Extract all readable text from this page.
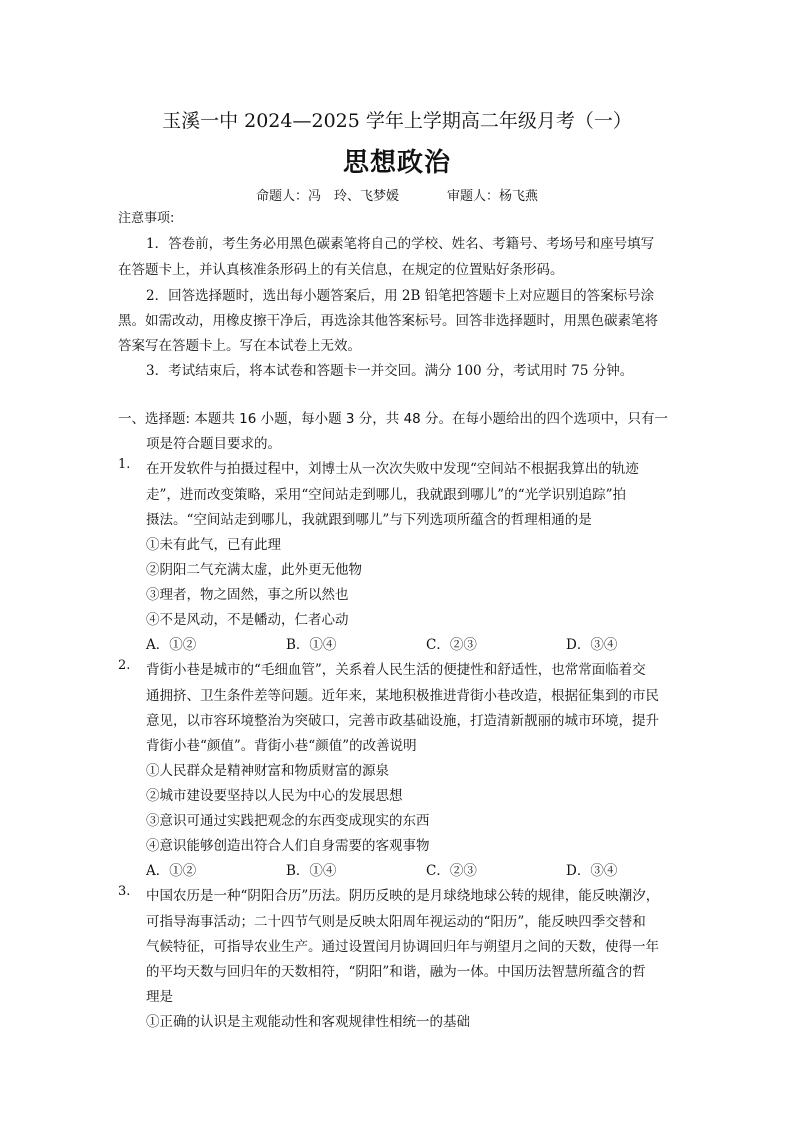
玉溪一中 2024—2025 学年上学期高二年级月考（一）
思想政治
命题人：冯　玲、飞梦媛	审题人：杨飞燕
注意事项:
1．答卷前，考生务必用黑色碳素笔将自己的学校、姓名、考籍号、考场号和座号填写
在答题卡上，并认真核准条形码上的有关信息，在规定的位置贴好条形码。
2．回答选择题时，选出每小题答案后，用 2B 铅笔把答题卡上对应题目的答案标号涂
黑。如需改动，用橡皮擦干净后，再选涂其他答案标号。回答非选择题时，用黑色碳素笔将
答案写在答题卡上。写在本试卷上无效。
3．考试结束后，将本试卷和答题卡一并交回。满分 100 分，考试用时 75 分钟。
一、选择题: 本题共 16 小题，每小题 3 分，共 48 分。在每小题给出的四个选项中，只有一
项是符合题目要求的。
1. 在开发软件与拍摄过程中，刘博士从一次次失败中发现“空间站不根据我算出的轨迹
走”，进而改变策略，采用“空间站走到哪儿，我就跟到哪儿”的“光学识别追踪”拍
摄法。“空间站走到哪儿，我就跟到哪儿”与下列选项所蕴含的哲理相通的是
①未有此气，已有此理
②阴阳二气充满太虚，此外更无他物
③理者，物之固然，事之所以然也
④不是风动，不是幡动，仁者心动
A．①②	B．①④	C．②③	D．③④
2. 背街小巷是城市的“毛细血管”，关系着人民生活的便捷性和舒适性，也常常面临着交
通拥挤、卫生条件差等问题。近年来，某地积极推进背街小巷改造，根据征集到的市民
意见，以市容环境整治为突破口，完善市政基础设施，打造清新靓丽的城市环境，提升
背街小巷“颜值”。背街小巷“颜值”的改善说明
①人民群众是精神财富和物质财富的源泉
②城市建设要坚持以人民为中心的发展思想
③意识可通过实践把观念的东西变成现实的东西
④意识能够创造出符合人们自身需要的客观事物
A．①②	B．①④	C．②③	D．③④
3. 中国农历是一种“阴阳合历”历法。阴历反映的是月球绕地球公转的规律，能反映潮汐，
可指导海事活动；二十四节气则是反映太阳周年视运动的“阳历”，能反映四季交替和
气候特征，可指导农业生产。通过设置闰月协调回归年与朔望月之间的天数，使得一年
的平均天数与回归年的天数相符，“阴阳”和谐，融为一体。中国历法智慧所蕴含的哲
理是
①正确的认识是主观能动性和客观规律性相统一的基础
